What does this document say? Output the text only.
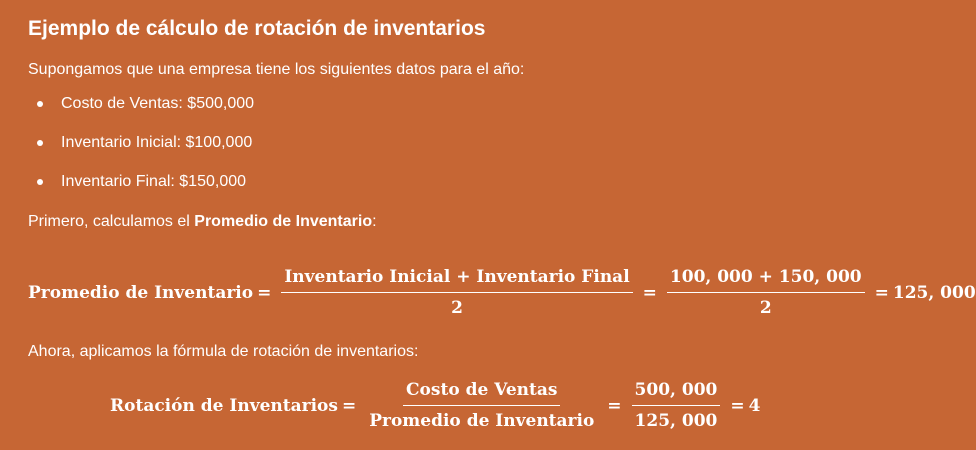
Ejemplo de cálculo de rotación de inventarios

Supongamos que una empresa tiene los siguientes datos para el año:

Costo de Ventas: $500,000
Inventario Inicial: $100,000
Inventario Final: $150,000

Primero, calculamos el Promedio de Inventario:

Promedio de Inventario = $\frac{\text{Inventario Inicial + Inventario Final}}{2} = \frac{100, 000 + 150, 000}{2} = 125$, 000

Ahora, aplicamos la fórmula de rotación de inventarios:

Rotación de Inventarios = $\frac{\text{Costo de Ventas}}{\text{Promedio de Inventario}} = \frac{500, 000}{125, 000} = 4$
